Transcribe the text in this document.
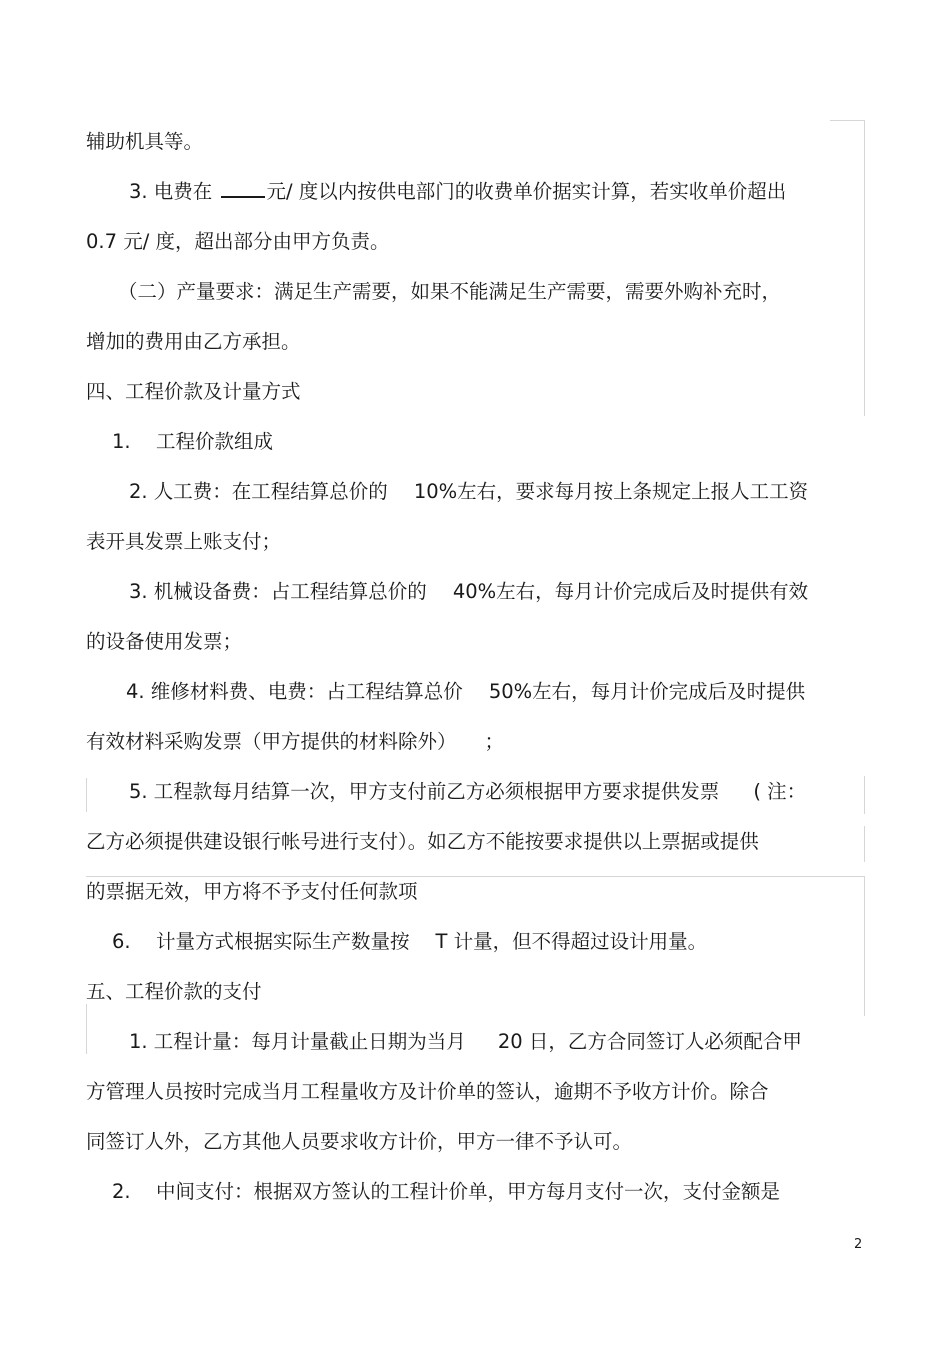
辅助机具等。

3. 电费在	元/ 度以内按供电部门的收费单价据实计算，若实收单价超出

0.7 元/ 度，超出部分由甲方负责。

（二）产量要求：满足生产需要，如果不能满足生产需要，需要外购补充时，

增加的费用由乙方承担。

四、工程价款及计量方式

1. 工程价款组成

2. 人工费：在工程结算总价的 10%左右，要求每月按上条规定上报人工工资

表开具发票上账支付；

3. 机械设备费：占工程结算总价的 40%左右，每月计价完成后及时提供有效

的设备使用发票；

4. 维修材料费、电费：占工程结算总价 50%左右，每月计价完成后及时提供

有效材料采购发票（甲方提供的材料除外） ；

5. 工程款每月结算一次，甲方支付前乙方必须根据甲方要求提供发票 ( 注：

乙方必须提供建设银行帐号进行支付）。如乙方不能按要求提供以上票据或提供

的票据无效，甲方将不予支付任何款项

6. 计量方式根据实际生产数量按 T 计量，但不得超过设计用量。

五、工程价款的支付

1. 工程计量：每月计量截止日期为当月 20 日，乙方合同签订人必须配合甲

方管理人员按时完成当月工程量收方及计价单的签认，逾期不予收方计价。除合

同签订人外，乙方其他人员要求收方计价，甲方一律不予认可。

2. 中间支付：根据双方签认的工程计价单，甲方每月支付一次，支付金额是

2
